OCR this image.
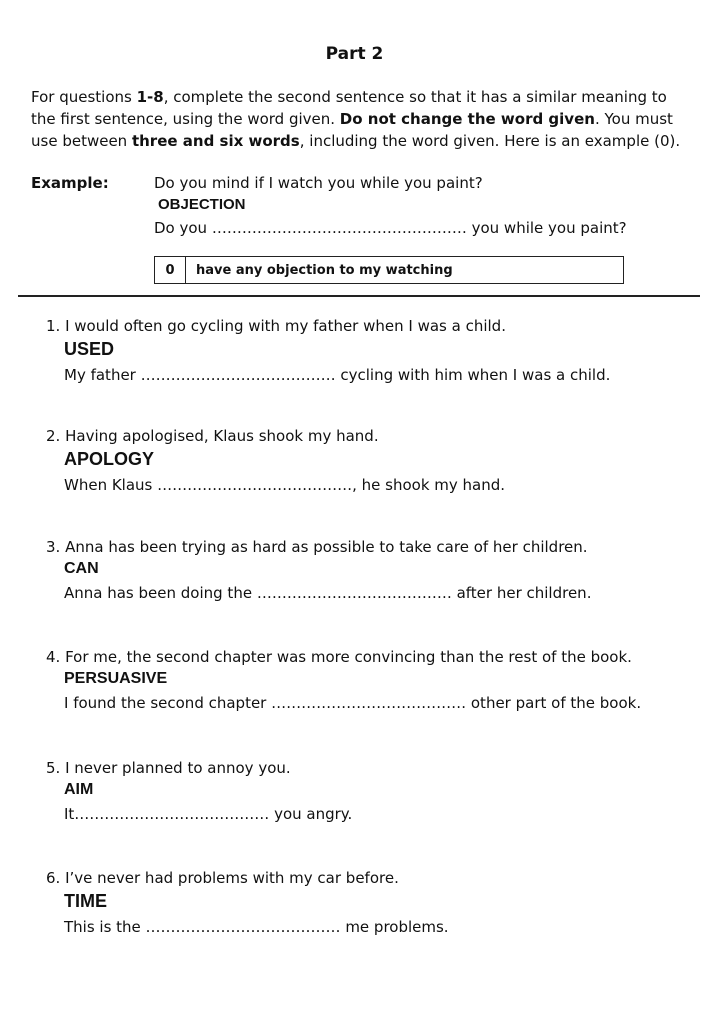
Part 2
For questions 1-8, complete the second sentence so that it has a similar meaning to the first sentence, using the word given. Do not change the word given. You must use between three and six words, including the word given. Here is an example (0).
Example:	Do you mind if I watch you while you paint?
OBJECTION
Do you …………………………………………… you while you paint?
0	have any objection to my watching
1. I would often go cycling with my father when I was a child.
USED
My father ………………………………… cycling with him when I was a child.
2. Having apologised, Klaus shook my hand.
APOLOGY
When Klaus …………………………………, he shook my hand.
3. Anna has been trying as hard as possible to take care of her children.
CAN
Anna has been doing the ………………………………… after her children.
4. For me, the second chapter was more convincing than the rest of the book.
PERSUASIVE
I found the second chapter ………………………………… other part of the book.
5. I never planned to annoy you.
AIM
It………………………………… you angry.
6. I’ve never had problems with my car before.
TIME
This is the ………………………………… me problems.
